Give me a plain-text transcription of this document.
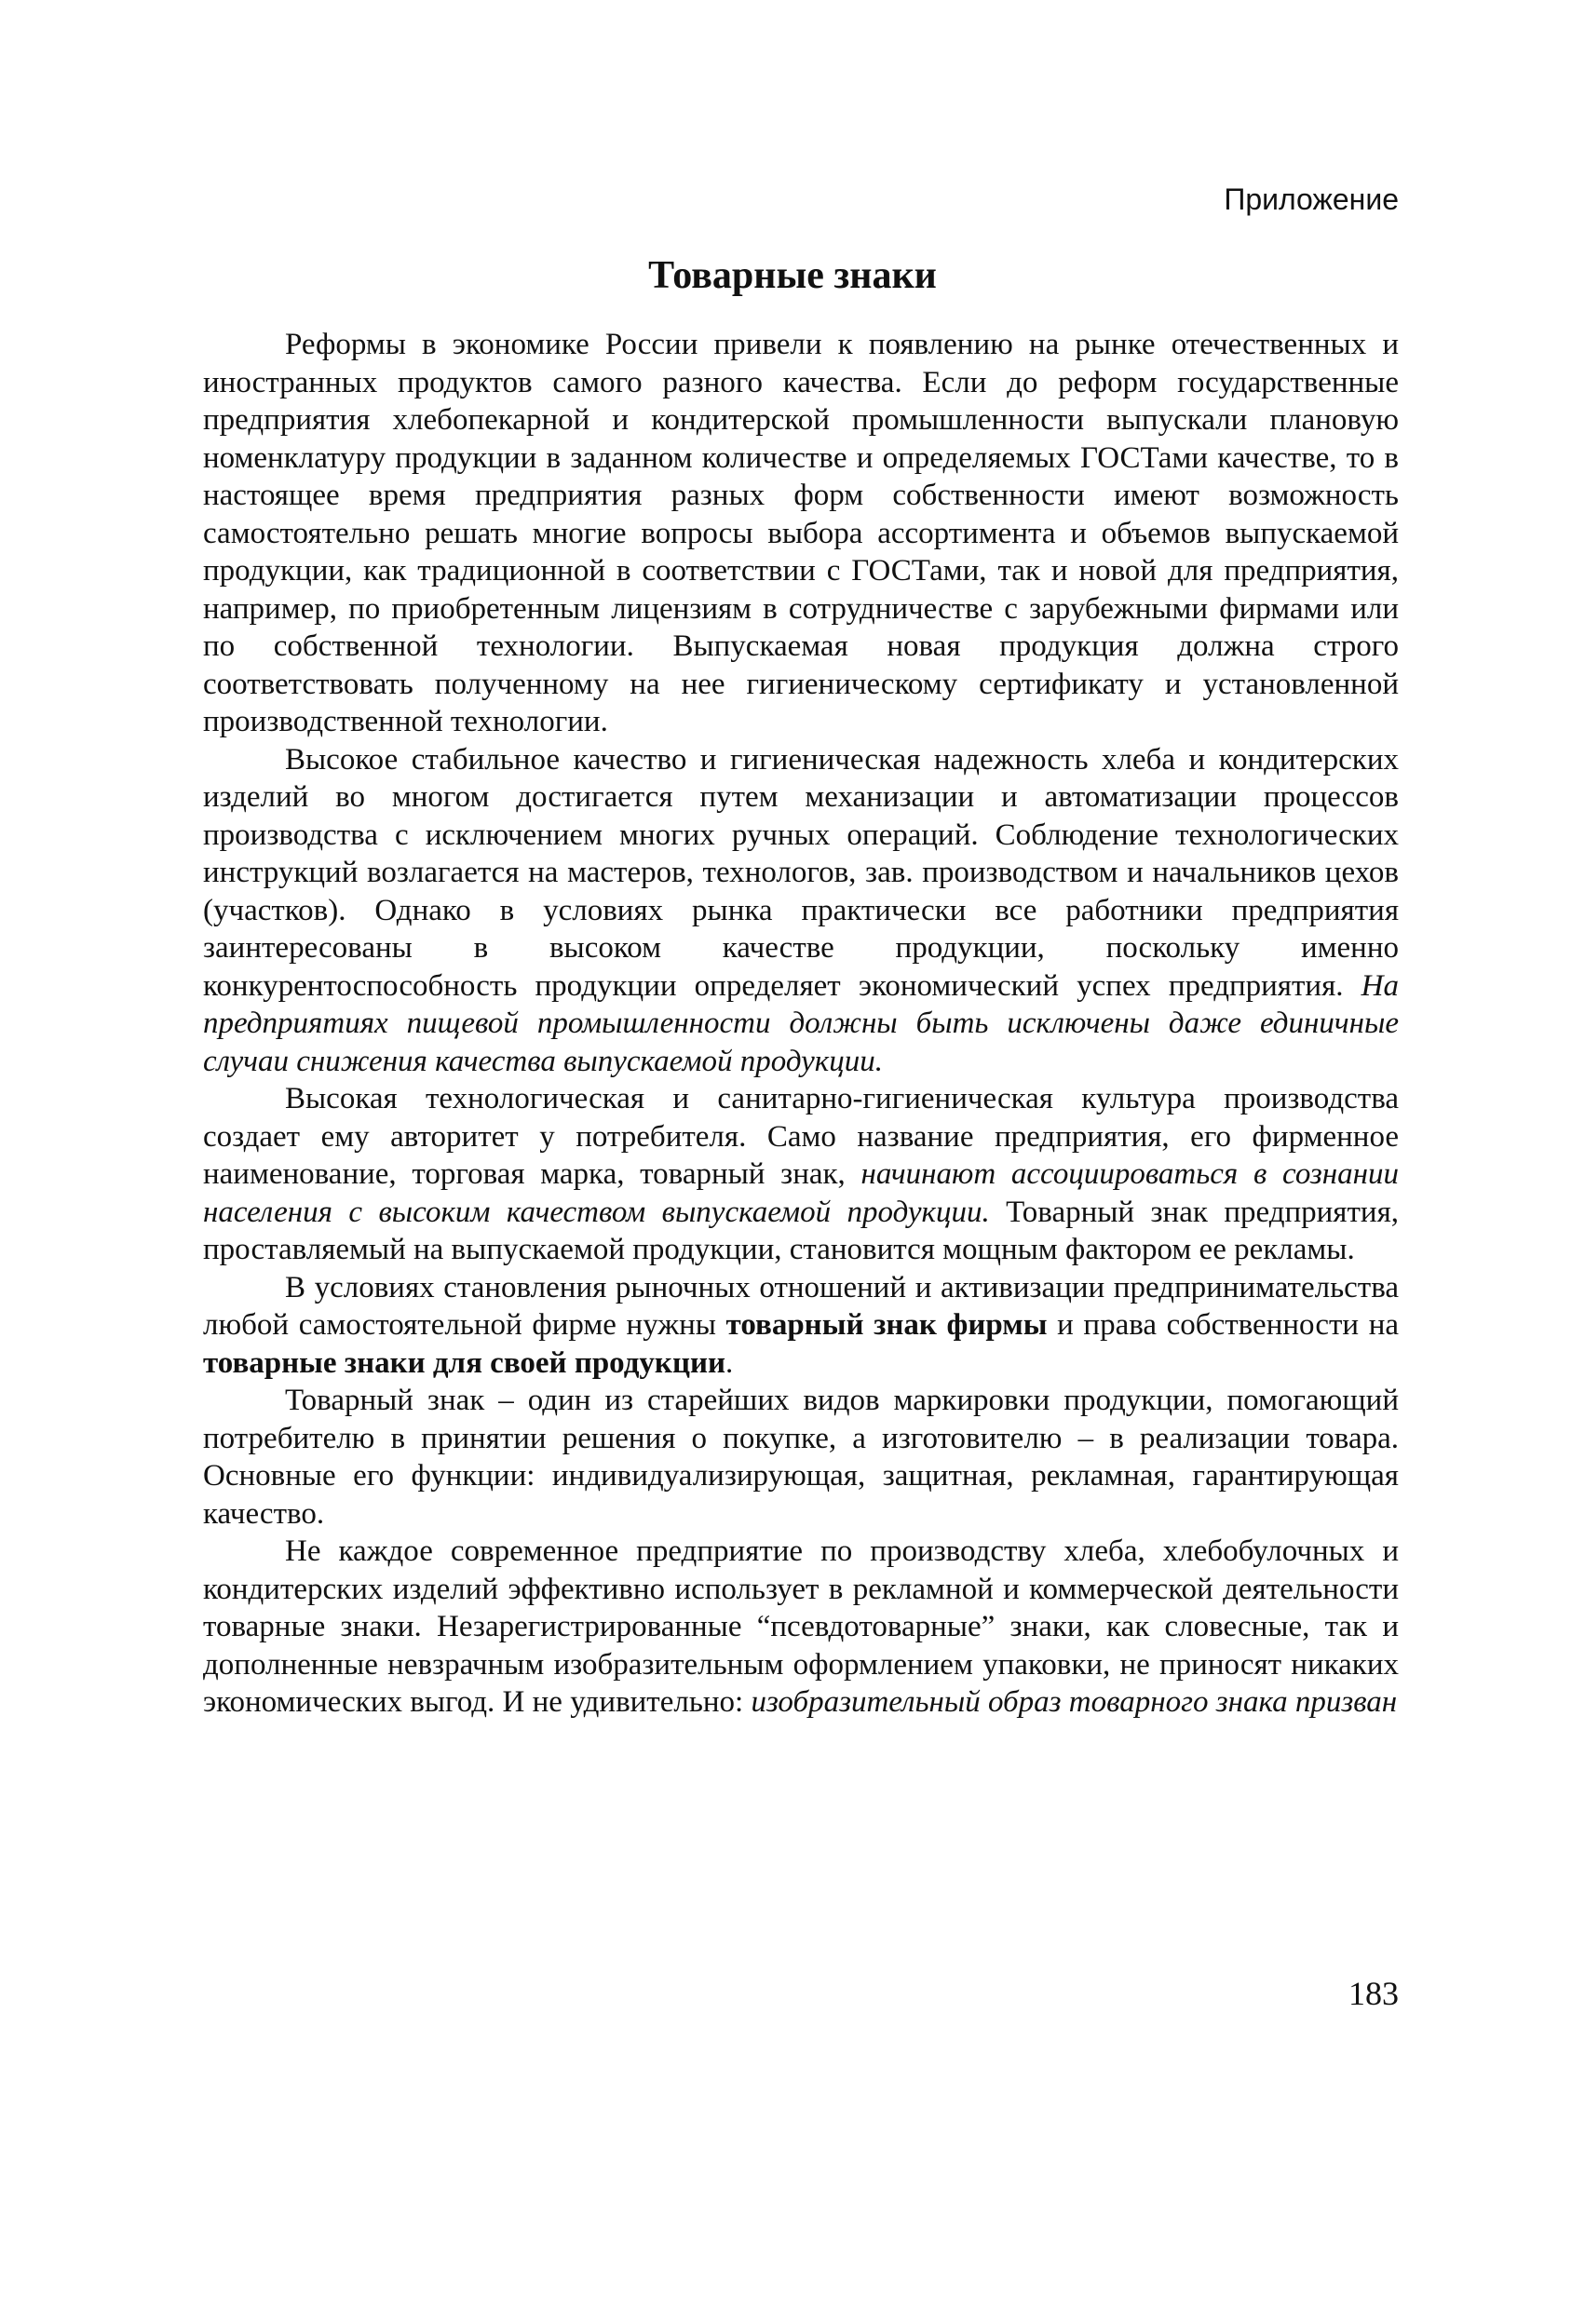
Приложение
Товарные знаки

Реформы в экономике России привели к появлению на рынке отечественных и иностранных продуктов самого разного качества. Если до реформ государственные предприятия хлебопекарной и кондитерской промышленности выпускали плановую номенклатуру продукции в заданном количестве и определяемых ГОСТами качестве, то в настоящее время предприятия разных форм собственности имеют возможность самостоятельно решать многие вопросы выбора ассортимента и объемов выпускаемой продукции, как традиционной в соответствии с ГОСТами, так и новой для предприятия, например, по приобретенным лицензиям в сотрудничестве с зарубежными фирмами или по собственной технологии. Выпускаемая новая продукция должна строго соответствовать полученному на нее гигиеническому сертификату и установленной производственной технологии.

Высокое стабильное качество и гигиеническая надежность хлеба и кондитерских изделий во многом достигается путем механизации и автоматизации процессов производства с исключением многих ручных операций. Соблюдение технологических инструкций возлагается на мастеров, технологов, зав. производством и начальников цехов (участков). Однако в условиях рынка практически все работники предприятия заинтересованы в высоком качестве продукции, поскольку именно конкурентоспособность продукции определяет экономический успех предприятия. На предприятиях пищевой промышленности должны быть исключены даже единичные случаи снижения качества выпускаемой продукции.

Высокая технологическая и санитарно-гигиеническая культура производства создает ему авторитет у потребителя. Само название предприятия, его фирменное наименование, торговая марка, товарный знак, начинают ассоциироваться в сознании населения с высоким качеством выпускаемой продукции. Товарный знак предприятия, проставляемый на выпускаемой продукции, становится мощным фактором ее рекламы.

В условиях становления рыночных отношений и активизации предпринимательства любой самостоятельной фирме нужны товарный знак фирмы и права собственности на товарные знаки для своей продукции.

Товарный знак – один из старейших видов маркировки продукции, помогающий потребителю в принятии решения о покупке, а изготовителю – в реализации товара. Основные его функции: индивидуализирующая, защитная, рекламная, гарантирующая качество.

Не каждое современное предприятие по производству хлеба, хлебобулочных и кондитерских изделий эффективно использует в рекламной и коммерческой деятельности товарные знаки. Незарегистрированные “псевдотоварные” знаки, как словесные, так и дополненные невзрачным изобразительным оформлением упаковки, не приносят никаких экономических выгод. И не удивительно: изобразительный образ товарного знака призван

183
